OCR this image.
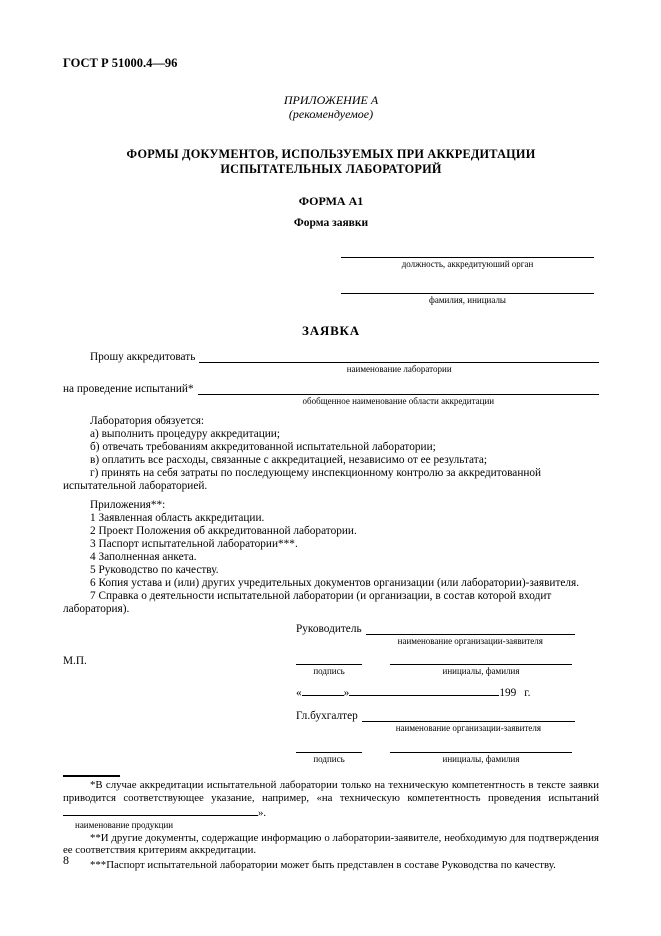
ГОСТ Р 51000.4—96
ПРИЛОЖЕНИЕ А
(рекомендуемое)
ФОРМЫ ДОКУМЕНТОВ, ИСПОЛЬЗУЕМЫХ ПРИ АККРЕДИТАЦИИ
ИСПЫТАТЕЛЬНЫХ ЛАБОРАТОРИЙ
ФОРМА А1
Форма заявки
должность, аккредитуюший орган
фамилия, инициалы
ЗАЯВКА
Прошу аккредитовать
наименование лаборатории
на проведение испытаний*
обобщенное наименование области аккредитации

Лаборатория обязуется:

а) выполнить процедуру аккредитации;

б) отвечать требованиям аккредитованной испытательной лаборатории;

в) оплатить все расходы, связанные с аккредитацией, независимо от ее результата;

г) принять на себя затраты по последующему инспекционному контролю за аккредитованной испытательной лабораторией.

Приложения**:

1 Заявленная область аккредитации.

2 Проект Положения об аккредитованной лаборатории.

3 Паспорт испытательной лаборатории***.

4 Заполненная анкета.

5 Руководство по качеству.

6 Копия устава и (или) других учредительных документов организации (или лаборатории)-заявителя.

7 Справка о деятельности испытательной лаборатории (и организации, в состав которой входит лаборатория).

Руководитель
наименование организации-заявителя
М.П.
подпись	инициалы, фамилия
«	»	199 г.
Гл.бухгалтер
наименование организации-заявителя
подпись	инициалы, фамилия

*В случае аккредитации испытательной лаборатории только на техническую компетентность в тексте заявки приводится соответствующее указание, например, «на техническую компетентность проведения испытаний ».

наименование продукции

**И другие документы, содержащие информацию о лаборатории-заявителе, необходимую для подтверждения ее соответствия критериям аккредитации.

***Паспорт испытательной лаборатории может быть представлен в составе Руководства по качеству.

8
